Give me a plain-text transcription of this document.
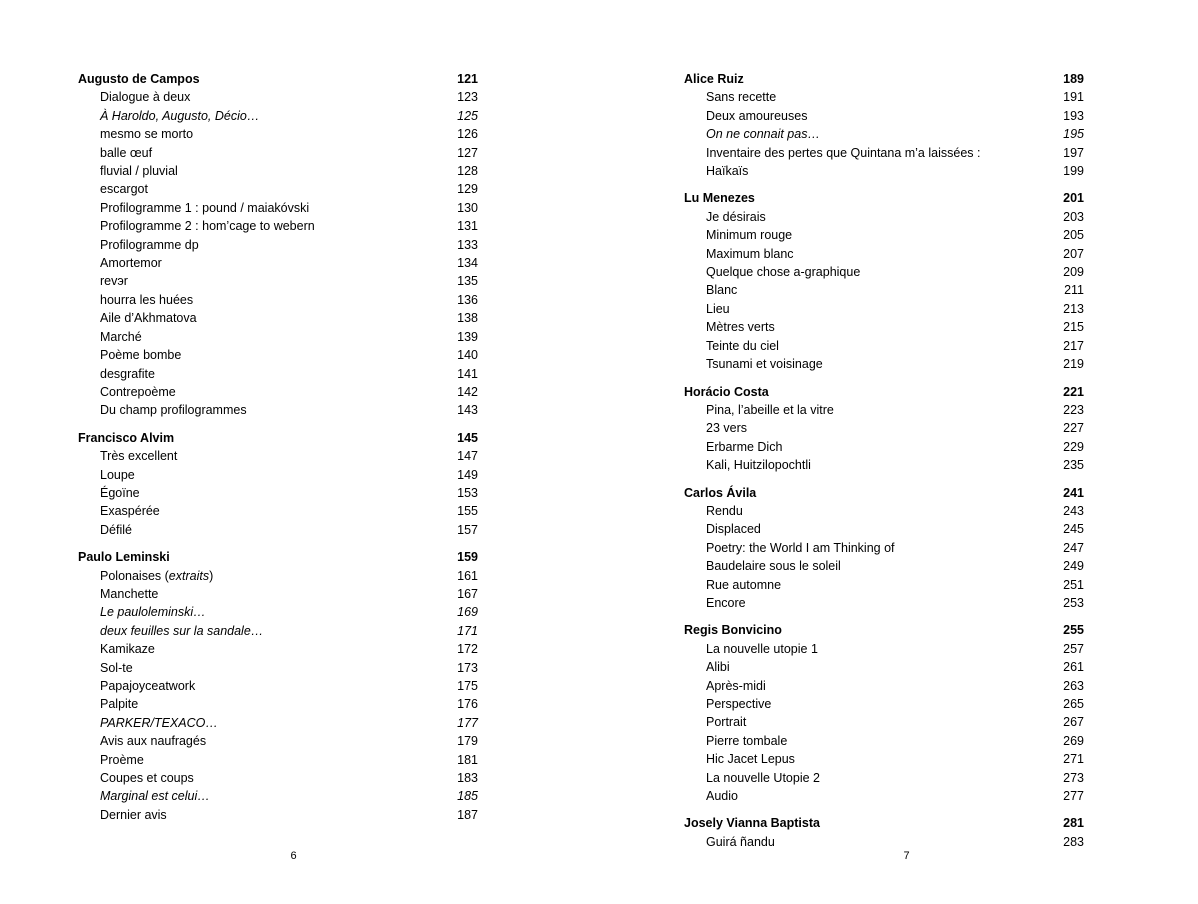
Augusto de Campos	121
Dialogue à deux	123
À Haroldo, Augusto, Décio…	125
mesmo se morto	126
balle œuf	127
fluvial / pluvial	128
escargot	129
Profilogramme 1 : pound / maiakóvski	130
Profilogramme 2 : hom’cage to webern	131
Profilogramme dp	133
Amortemor	134
revэr	135
hourra les huées	136
Aile d’Akhmatova	138
Marché	139
Poème bombe	140
desgrafite	141
Contrepoème	142
Du champ profilogrammes	143
Francisco Alvim	145
Très excellent	147
Loupe	149
Égoïne	153
Exaspérée	155
Défilé	157
Paulo Leminski	159
Polonaises (extraits)	161
Manchette	167
Le pauloleminski…	169
deux feuilles sur la sandale…	171
Kamikaze	172
Sol-te	173
Papajoyceatwork	175
Palpite	176
PARKER/TEXACO…	177
Avis aux naufragés	179
Proème	181
Coupes et coups	183
Marginal est celui…	185
Dernier avis	187
6
Alice Ruiz	189
Sans recette	191
Deux amoureuses	193
On ne connait pas…	195
Inventaire des pertes que Quintana m’a laissées :	197
Haïkaïs	199
Lu Menezes	201
Je désirais	203
Minimum rouge	205
Maximum blanc	207
Quelque chose a-graphique	209
Blanc	211
Lieu	213
Mètres verts	215
Teinte du ciel	217
Tsunami et voisinage	219
Horácio Costa	221
Pina, l’abeille et la vitre	223
23 vers	227
Erbarme Dich	229
Kali, Huitzilopochtli	235
Carlos Ávila	241
Rendu	243
Displaced	245
Poetry: the World I am Thinking of	247
Baudelaire sous le soleil	249
Rue automne	251
Encore	253
Regis Bonvicino	255
La nouvelle utopie 1	257
Alibi	261
Après-midi	263
Perspective	265
Portrait	267
Pierre tombale	269
Hic Jacet Lepus	271
La nouvelle Utopie 2	273
Audio	277
Josely Vianna Baptista	281
Guirá ñandu	283
7
